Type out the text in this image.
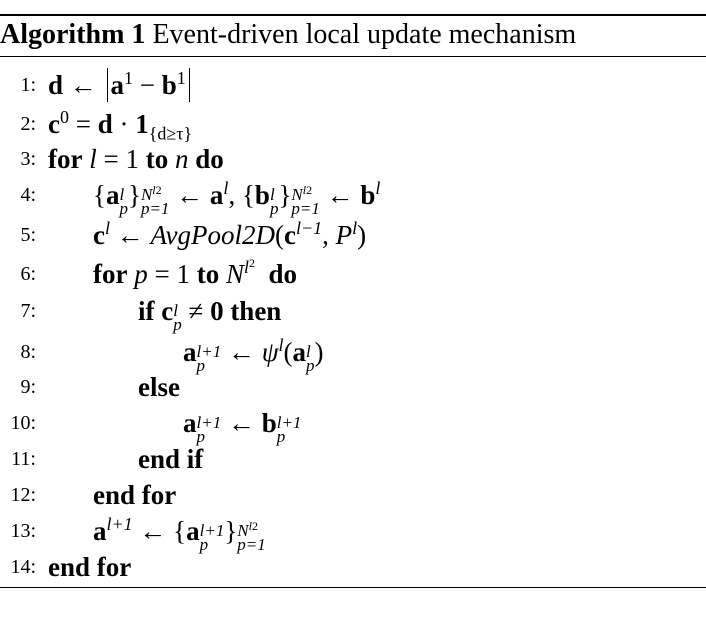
Algorithm 1 Event-driven local update mechanism
1: d ← $a^1 - b^1$
2: $c^0 = d \cdot 1_{\{d\ge\tau\}}$
3: for l = 1 to n do
4: {a l
p } $N^{l2}$
p=1 ← $a^l$, {b l
p } $N^{l2}$
p=1 ← $b^l$
5: $c^l$ ← $AvgPool2D(c^{l-1}$, $P^l$)
6: for p = 1 to $N^{l^2}$ do
7:	if c l
p ≠ 0 then
8:	a l+1
p ← $\psi^l(a$ l
p )
9:	else
10:	a l+1
p ← b l+1
p
11:	end if
12: end for
13: $a^{l+1}$ ← {a l+1
p } $N^{l2}$
p=1
14: end for
